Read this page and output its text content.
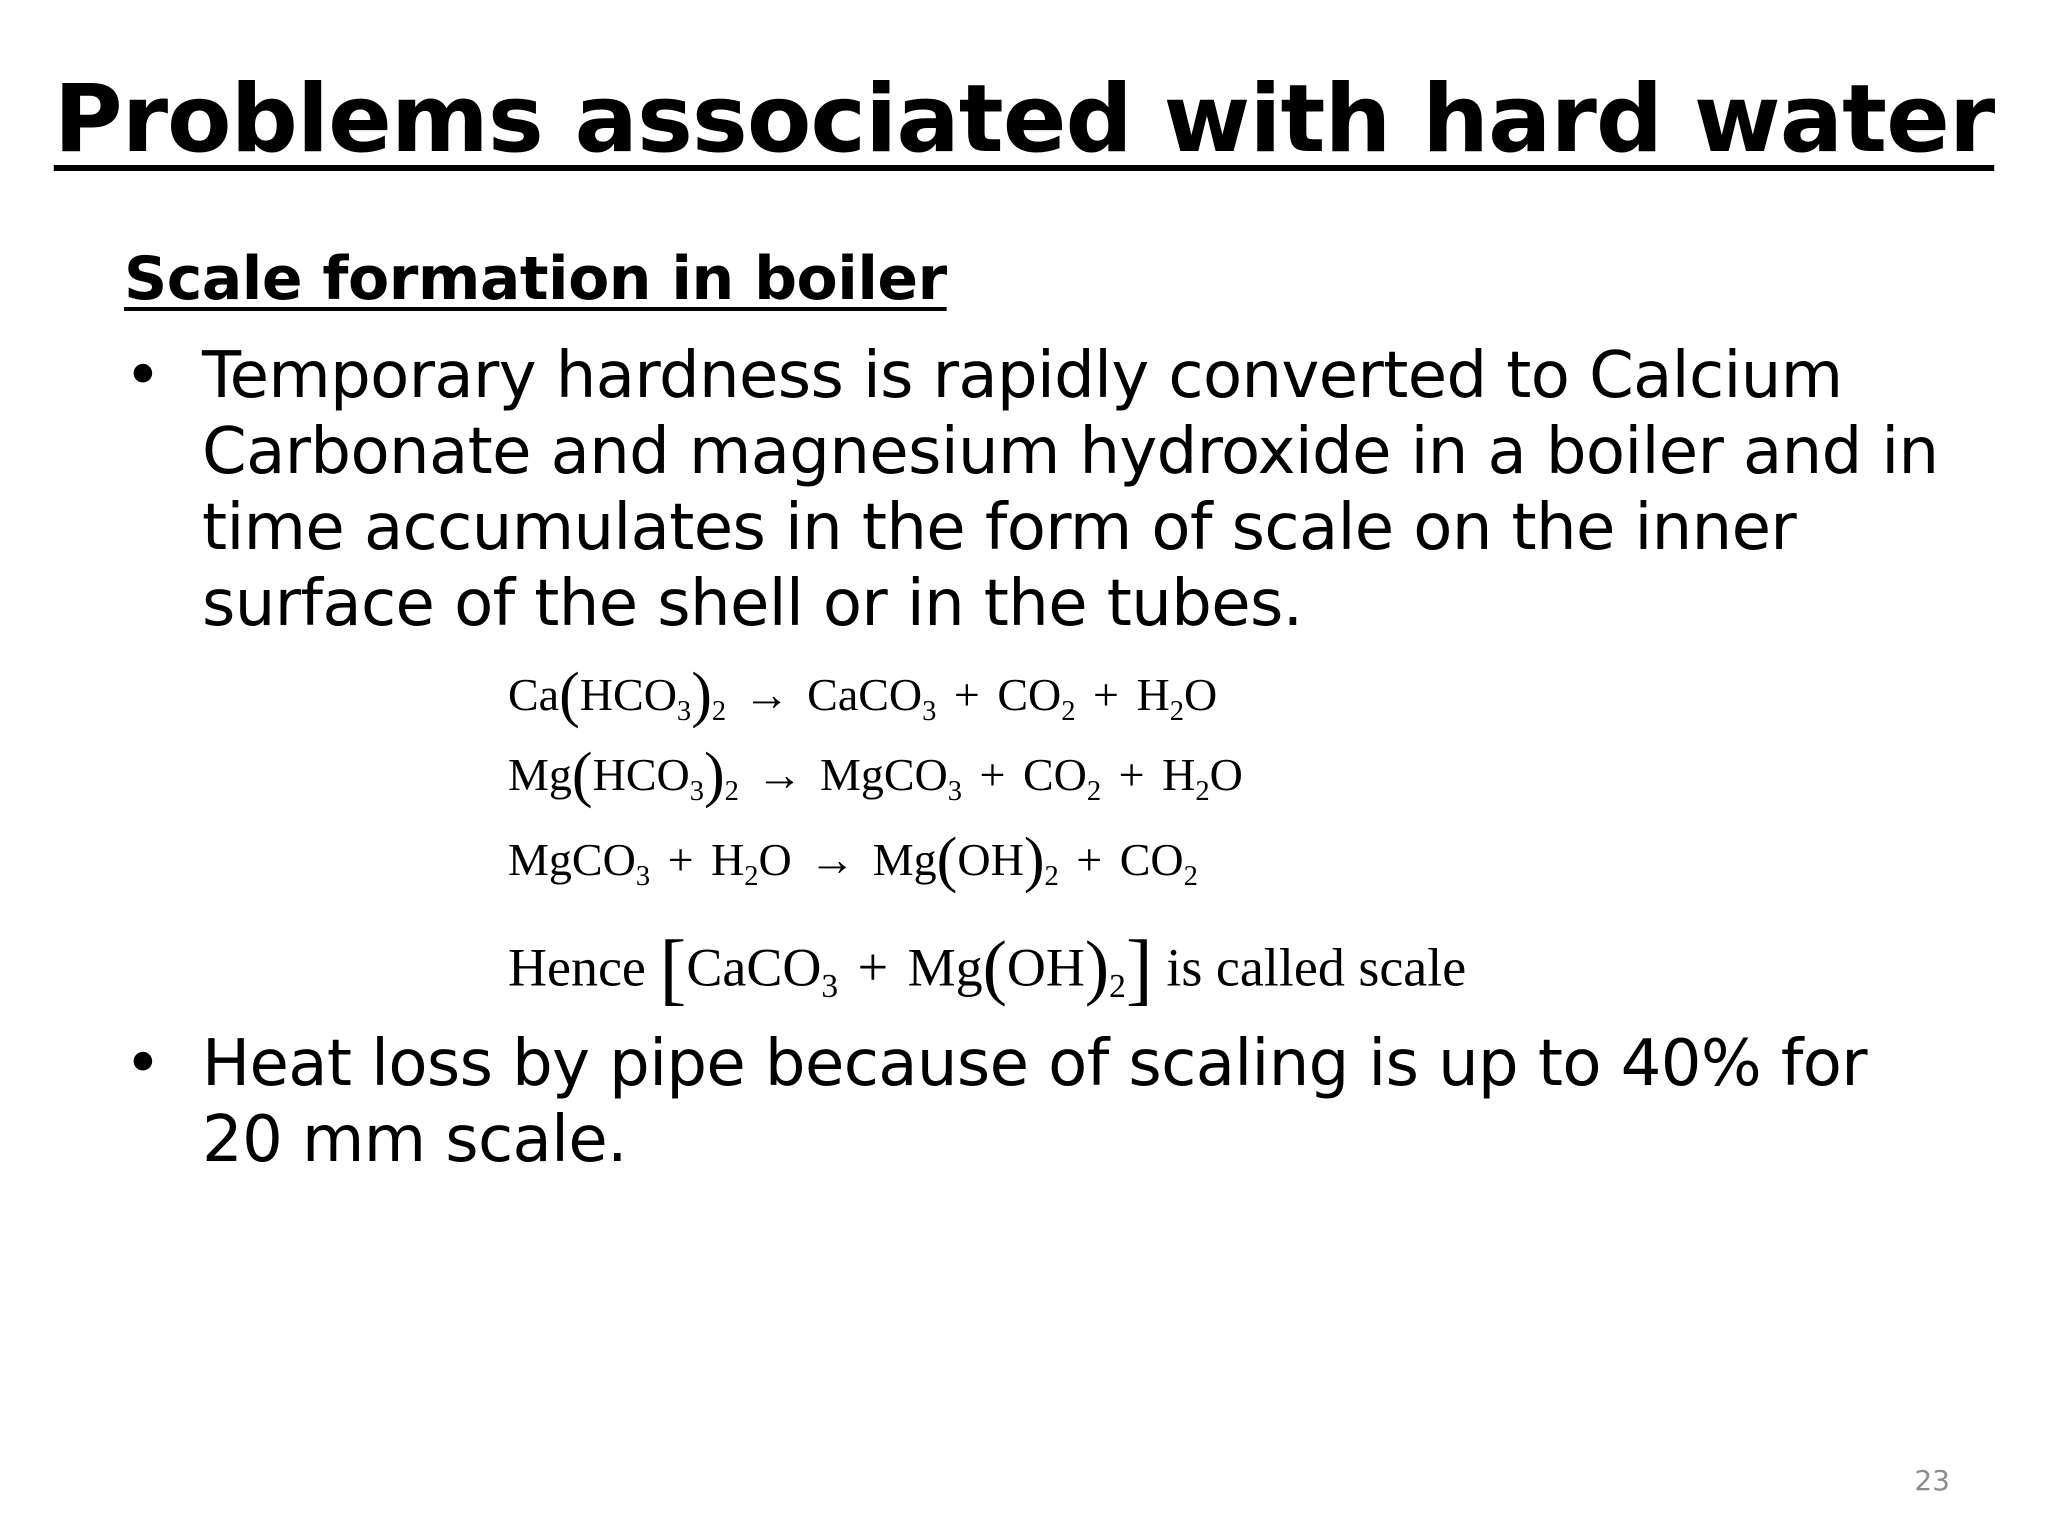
Problems associated with hard water
Scale formation in boiler
• Temporary hardness is rapidly converted to Calcium Carbonate and magnesium hydroxide in a boiler and in time accumulates in the form of scale on the inner surface of the shell or in the tubes.
$Ca(HCO_3)_2$ → CaCO$_3$ + $CO_2 + H_2O$
$Mg(HCO_3)_2$ → MgCO$_3$ + $CO_2 + H_2O$
MgCO$_3$ + $H_2O \to Mg(OH)_2 + CO_2$
Hence [CaCO$_3$ + $Mg(OH)_2$] is called scale
• Heat loss by pipe because of scaling is up to 40% for 20 mm scale.
23
